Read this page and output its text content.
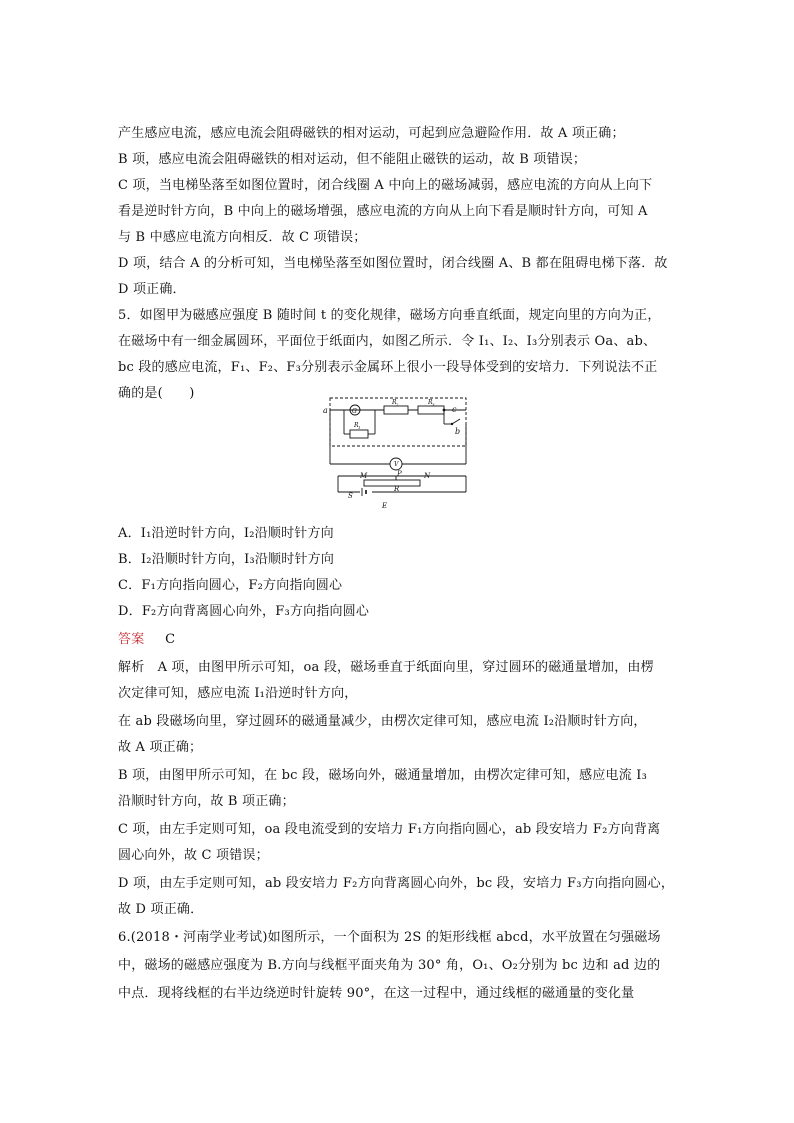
产生感应电流，感应电流会阻碍磁铁的相对运动，可起到应急避险作用．故 A 项正确；
B 项，感应电流会阻碍磁铁的相对运动，但不能阻止磁铁的运动，故 B 项错误；
C 项，当电梯坠落至如图位置时，闭合线圈 A 中向上的磁场减弱，感应电流的方向从上向下
看是逆时针方向，B 中向上的磁场增强，感应电流的方向从上向下看是顺时针方向，可知 A
与 B 中感应电流方向相反．故 C 项错误；
D 项，结合 A 的分析可知，当电梯坠落至如图位置时，闭合线圈 A、B 都在阻碍电梯下落．故
D 项正确．
5．如图甲为磁感应强度 B 随时间 t 的变化规律，磁场方向垂直纸面，规定向里的方向为正，
在磁场中有一细金属圆环，平面位于纸面内，如图乙所示．令 I₁、I₂、I₃分别表示 Oa、ab、
bc 段的感应电流，F₁、F₂、F₃分别表示金属环上很小一段导体受到的安培力．下列说法不正
确的是(　　)
a	G
R 1
R 2	R 3
c
b
V
M	P	N
R
S
E
A．I₁沿逆时针方向，I₂沿顺时针方向
B．I₂沿顺时针方向，I₃沿顺时针方向
C．F₁方向指向圆心，F₂方向指向圆心
D．F₂方向背离圆心向外，F₃方向指向圆心
答案 C
解析　A 项，由图甲所示可知，oa 段，磁场垂直于纸面向里，穿过圆环的磁通量增加，由楞
次定律可知，感应电流 I₁沿逆时针方向，
在 ab 段磁场向里，穿过圆环的磁通量减少，由楞次定律可知，感应电流 I₂沿顺时针方向，
故 A 项正确；
B 项，由图甲所示可知，在 bc 段，磁场向外，磁通量增加，由楞次定律可知，感应电流 I₃
沿顺时针方向，故 B 项正确；
C 项，由左手定则可知，oa 段电流受到的安培力 F₁方向指向圆心，ab 段安培力 F₂方向背离
圆心向外，故 C 项错误；
D 项，由左手定则可知，ab 段安培力 F₂方向背离圆心向外，bc 段，安培力 F₃方向指向圆心，
故 D 项正确．
6.(2018・河南学业考试)如图所示，一个面积为 2S 的矩形线框 abcd，水平放置在匀强磁场
中，磁场的磁感应强度为 B.方向与线框平面夹角为 30° 角，O₁、O₂分别为 bc 边和 ad 边的
中点．现将线框的右半边绕逆时针旋转 90°，在这一过程中，通过线框的磁通量的变化量
